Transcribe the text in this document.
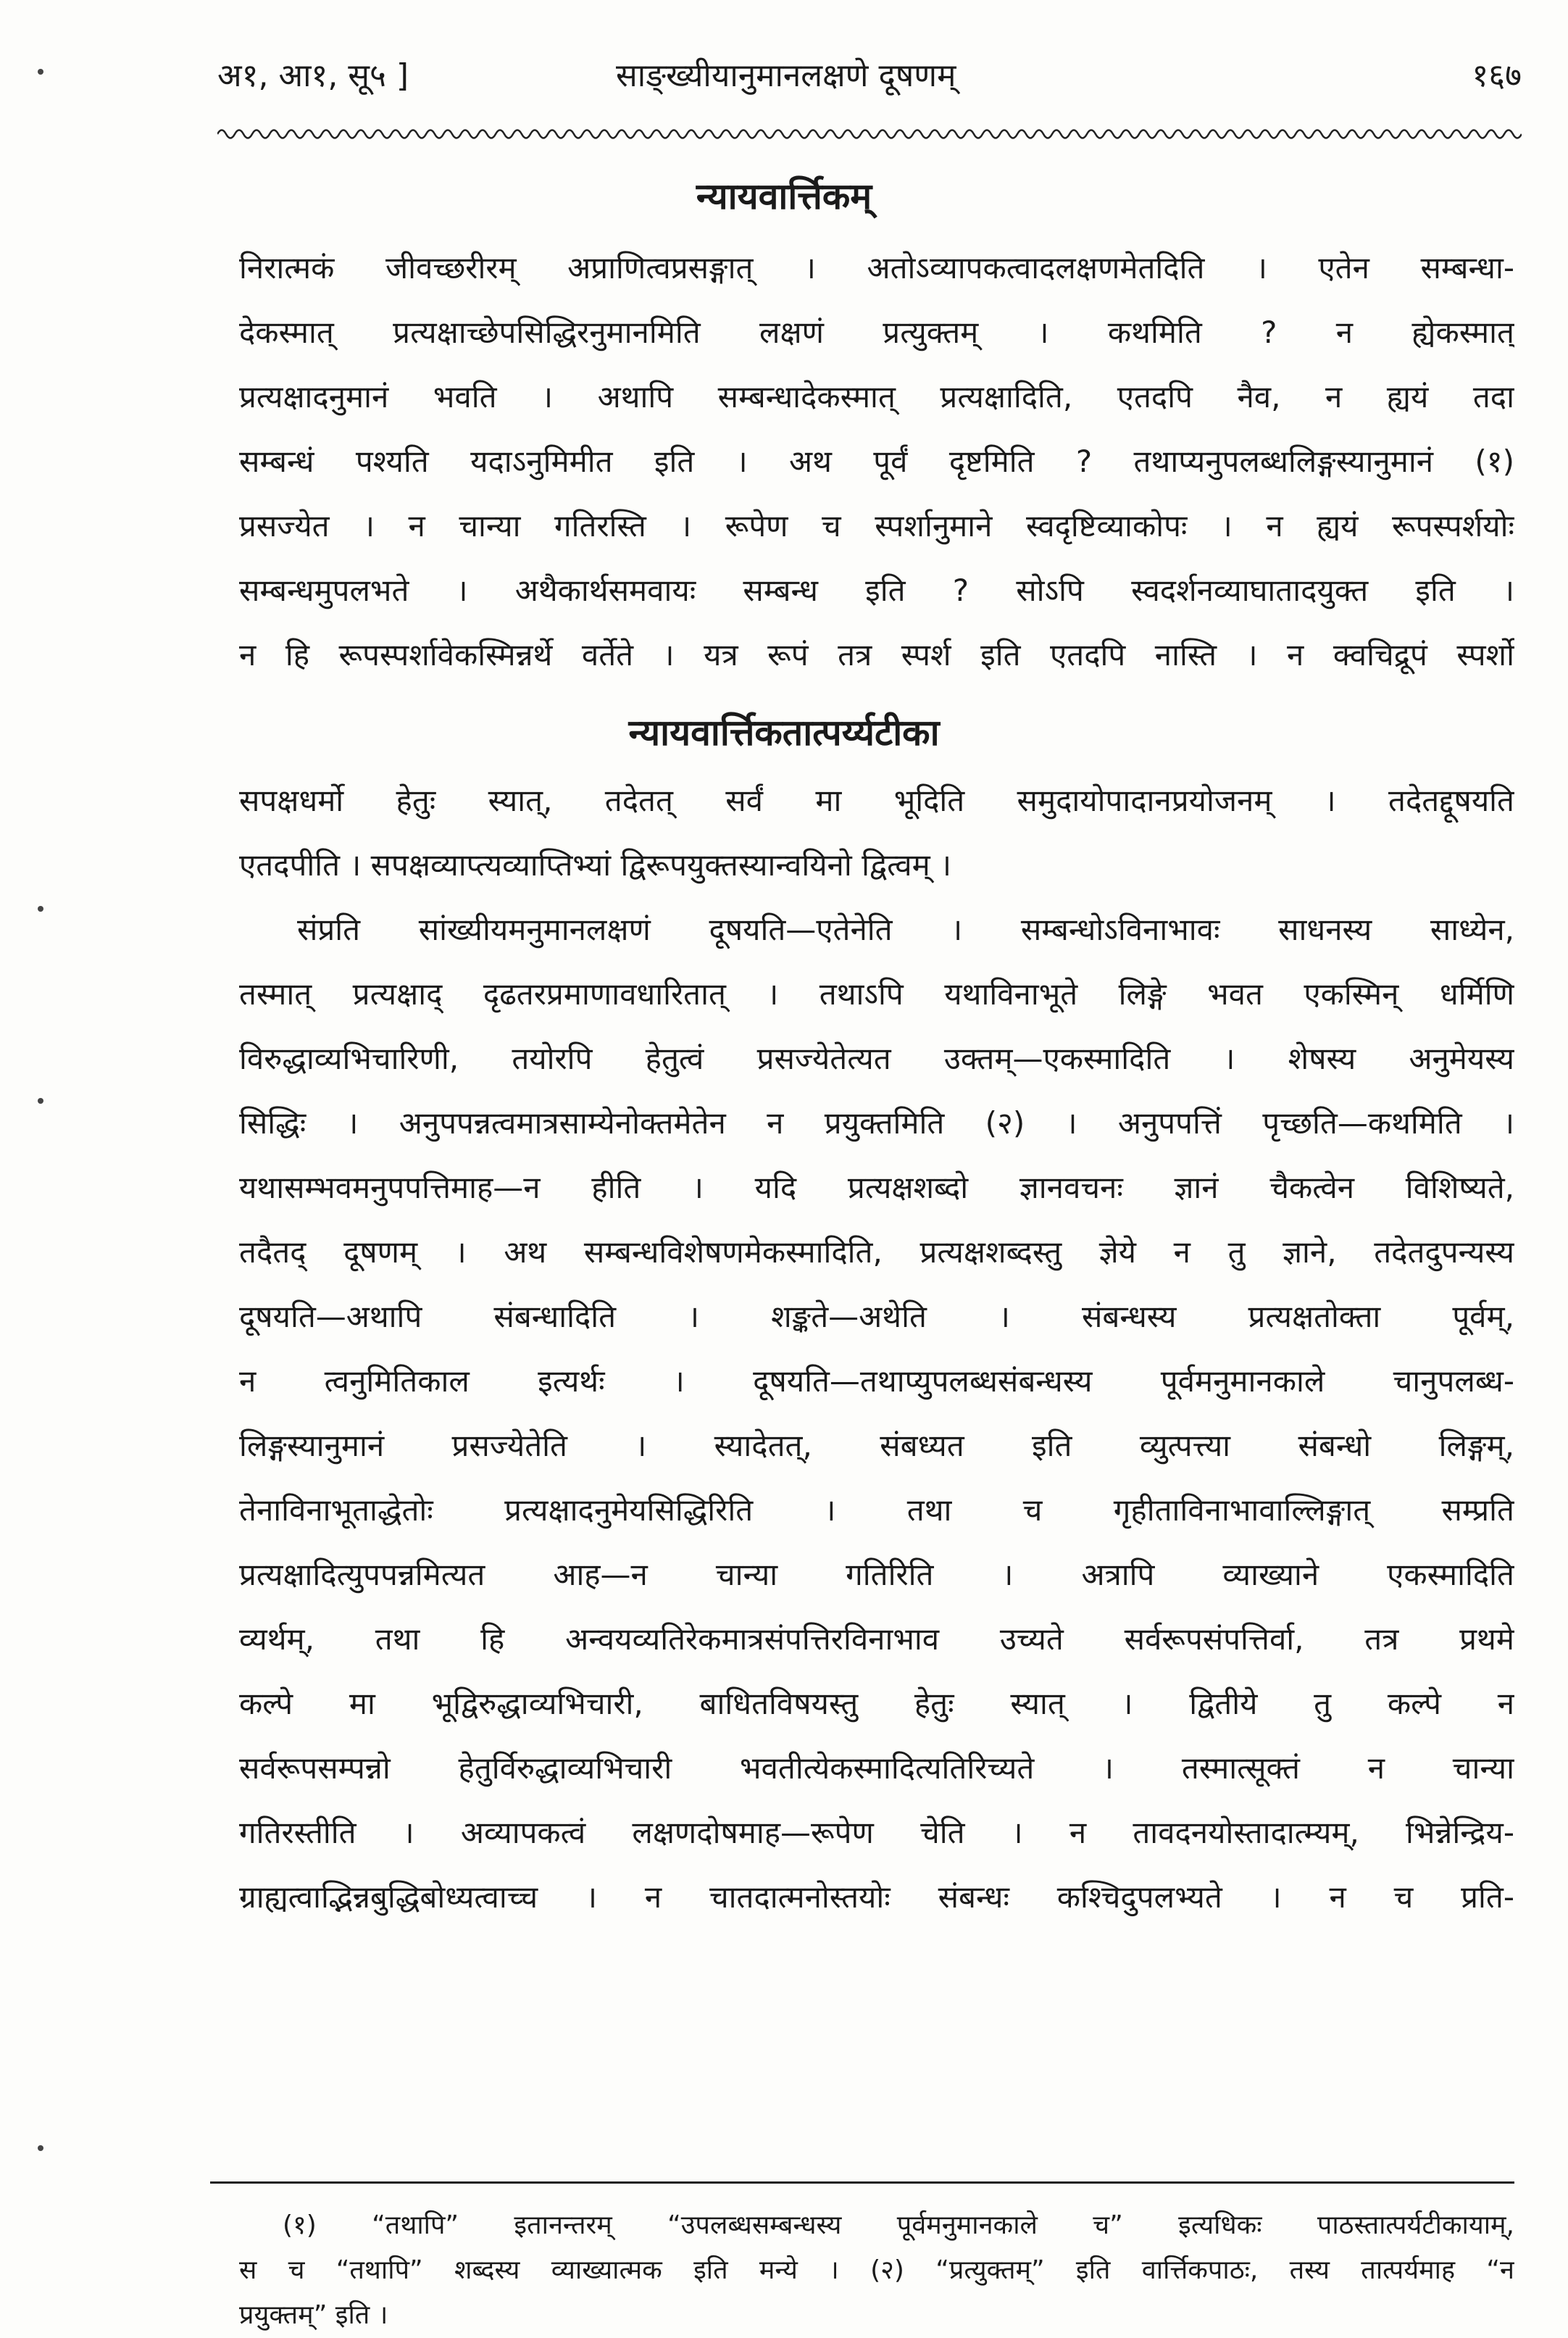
अ१, आ१, सू५ ]	साङ्ख्यीयानुमानलक्षणे दूषणम्	१६७
न्यायवार्त्तिकम्
निरात्मकं जीवच्छरीरम् अप्राणित्वप्रसङ्गात् । अतोऽव्यापकत्वादलक्षणमेतदिति । एतेन सम्बन्धा-
देकस्मात् प्रत्यक्षाच्छेपसिद्धिरनुमानमिति लक्षणं प्रत्युक्तम् । कथमिति ? न ह्येकस्मात्
प्रत्यक्षादनुमानं भवति । अथापि सम्बन्धादेकस्मात् प्रत्यक्षादिति, एतदपि नैव, न ह्ययं तदा
सम्बन्धं पश्यति यदाऽनुमिमीत इति । अथ पूर्वं दृष्टमिति ? तथाप्यनुपलब्धलिङ्गस्यानुमानं (१)
प्रसज्येत । न चान्या गतिरस्ति । रूपेण च स्पर्शानुमाने स्वदृष्टिव्याकोपः । न ह्ययं रूपस्पर्शयोः
सम्बन्धमुपलभते । अथैकार्थसमवायः सम्बन्ध इति ? सोऽपि स्वदर्शनव्याघातादयुक्त इति ।
न हि रूपस्पर्शावेकस्मिन्नर्थे वर्तेते । यत्र रूपं तत्र स्पर्श इति एतदपि नास्ति । न क्वचिद्रूपं स्पर्शो
न्यायवार्त्तिकतात्पर्य्यटीका
सपक्षधर्मो हेतुः स्यात्, तदेतत् सर्वं मा भूदिति समुदायोपादानप्रयोजनम् । तदेतद्दूषयति
एतदपीति । सपक्षव्याप्त्यव्याप्तिभ्यां द्विरूपयुक्तस्यान्वयिनो द्वित्वम् ।
संप्रति सांख्यीयमनुमानलक्षणं दूषयति—एतेनेति । सम्बन्धोऽविनाभावः साधनस्य साध्येन,
तस्मात् प्रत्यक्षाद् दृढतरप्रमाणावधारितात् । तथाऽपि यथाविनाभूते लिङ्गे भवत एकस्मिन् धर्मिणि
विरुद्धाव्यभिचारिणी, तयोरपि हेतुत्वं प्रसज्येतेत्यत उक्तम्—एकस्मादिति । शेषस्य अनुमेयस्य
सिद्धिः । अनुपपन्नत्वमात्रसाम्येनोक्तमेतेन न प्रयुक्तमिति (२) । अनुपपत्तिं पृच्छति—कथमिति ।
यथासम्भवमनुपपत्तिमाह—न हीति । यदि प्रत्यक्षशब्दो ज्ञानवचनः ज्ञानं चैकत्वेन विशिष्यते,
तदैतद् दूषणम् । अथ सम्बन्धविशेषणमेकस्मादिति, प्रत्यक्षशब्दस्तु ज्ञेये न तु ज्ञाने, तदेतदुपन्यस्य
दूषयति—अथापि संबन्धादिति । शङ्कते—अथेति । संबन्धस्य प्रत्यक्षतोक्ता पूर्वम्,
न त्वनुमितिकाल इत्यर्थः । दूषयति—तथाप्युपलब्धसंबन्धस्य पूर्वमनुमानकाले चानुपलब्ध-
लिङ्गस्यानुमानं प्रसज्येतेति । स्यादेतत्, संबध्यत इति व्युत्पत्त्या संबन्धो लिङ्गम्,
तेनाविनाभूताद्धेतोः प्रत्यक्षादनुमेयसिद्धिरिति । तथा च गृहीताविनाभावाल्लिङ्गात् सम्प्रति
प्रत्यक्षादित्युपपन्नमित्यत आह—न चान्या गतिरिति । अत्रापि व्याख्याने एकस्मादिति
व्यर्थम्, तथा हि अन्वयव्यतिरेकमात्रसंपत्तिरविनाभाव उच्यते सर्वरूपसंपत्तिर्वा, तत्र प्रथमे
कल्पे मा भूद्विरुद्धाव्यभिचारी, बाधितविषयस्तु हेतुः स्यात् । द्वितीये तु कल्पे न
सर्वरूपसम्पन्नो हेतुर्विरुद्धाव्यभिचारी भवतीत्येकस्मादित्यतिरिच्यते । तस्मात्सूक्तं न चान्या
गतिरस्तीति । अव्यापकत्वं लक्षणदोषमाह—रूपेण चेति । न तावदनयोस्तादात्म्यम्, भिन्नेन्द्रिय-
ग्राह्यत्वाद्भिन्नबुद्धिबोध्यत्वाच्च । न चातदात्मनोस्तयोः संबन्धः कश्चिदुपलभ्यते । न च प्रति-
(१) “तथापि” इतानन्तरम् “उपलब्धसम्बन्धस्य पूर्वमनुमानकाले च” इत्यधिकः पाठस्तात्पर्यटीकायाम्,
स च “तथापि” शब्दस्य व्याख्यात्मक इति मन्ये । (२) “प्रत्युक्तम्” इति वार्त्तिकपाठः, तस्य तात्पर्यमाह “न
प्रयुक्तम्” इति ।
